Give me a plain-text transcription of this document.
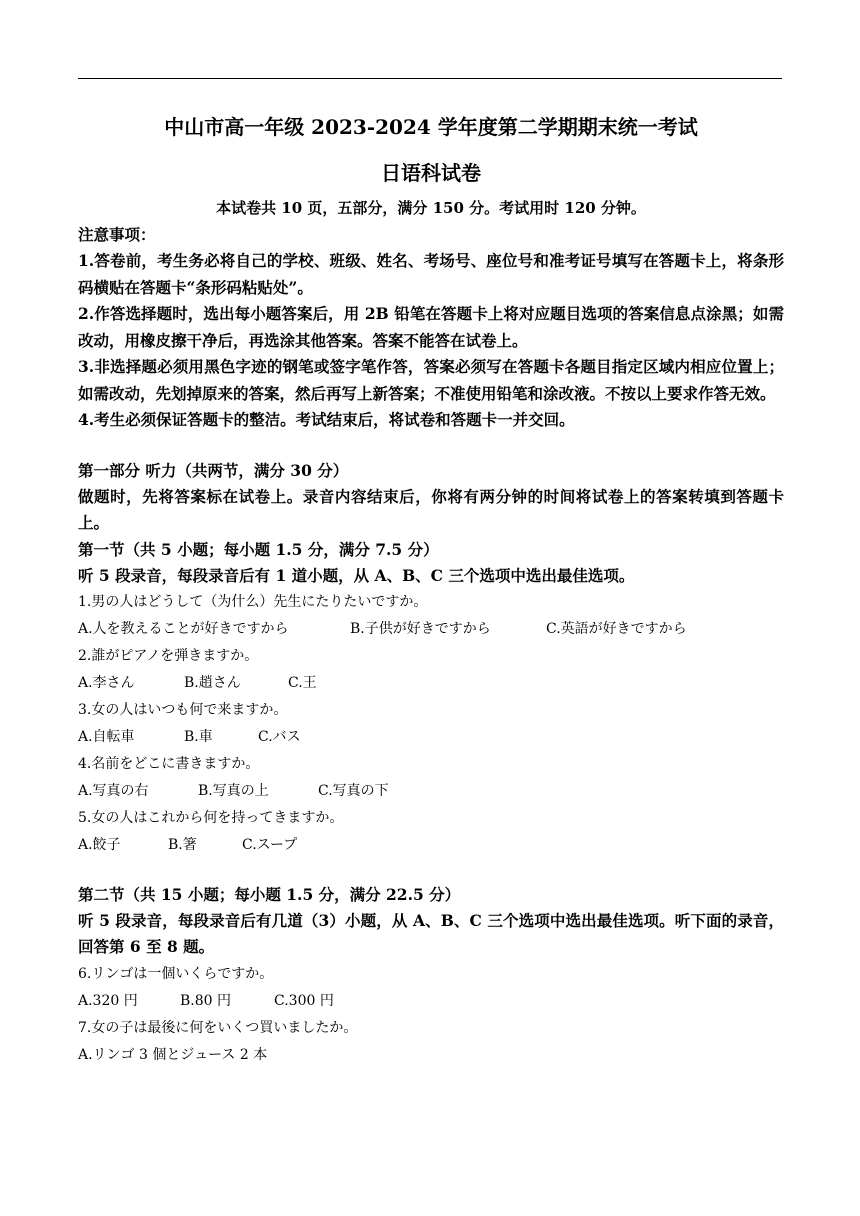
中山市高一年级 2023-2024 学年度第二学期期末统一考试

日语科试卷

本试卷共 10 页，五部分，满分 150 分。考试用时 120 分钟。

注意事项：

1.答卷前，考生务必将自己的学校、班级、姓名、考场号、座位号和准考证号填写在答题卡上，将条形码横贴在答题卡“条形码粘贴处”。

2.作答选择题时，选出每小题答案后，用 2B 铅笔在答题卡上将对应题目选项的答案信息点涂黑；如需改动，用橡皮擦干净后，再选涂其他答案。答案不能答在试卷上。

3.非选择题必须用黑色字迹的钢笔或签字笔作答，答案必须写在答题卡各题目指定区域内相应位置上；如需改动，先划掉原来的答案，然后再写上新答案；不准使用铅笔和涂改液。不按以上要求作答无效。

4.考生必须保证答题卡的整洁。考试结束后，将试卷和答题卡一并交回。

第一部分 听力（共两节，满分 30 分）

做题时，先将答案标在试卷上。录音内容结束后，你将有两分钟的时间将试卷上的答案转填到答题卡上。

第一节（共 5 小题；每小题 1.5 分，满分 7.5 分）

听 5 段录音，每段录音后有 1 道小题，从 A、B、C 三个选项中选出最佳选项。

1.男の人はどうして（为什么）先生にたりたいですか。

A.人を教えることが好きですから	B.子供が好きですから	C.英語が好きですから

2.誰がピアノを弾きますか。

A.李さん	B.趙さん	C.王

3.女の人はいつも何で来ますか。

A.自転車	B.車	C.バス

4.名前をどこに書きますか。

A.写真の右	B.写真の上	C.写真の下

5.女の人はこれから何を持ってきますか。

A.餃子	B.箸	C.スープ

第二节（共 15 小题；每小题 1.5 分，满分 22.5 分）

听 5 段录音，每段录音后有几道（3）小题，从 A、B、C 三个选项中选出最佳选项。听下面的录音，回答第 6 至 8 题。

6.リンゴは一個いくらですか。

A.320 円	B.80 円	C.300 円

7.女の子は最後に何をいくつ買いましたか。

A.リンゴ 3 個とジュース 2 本
